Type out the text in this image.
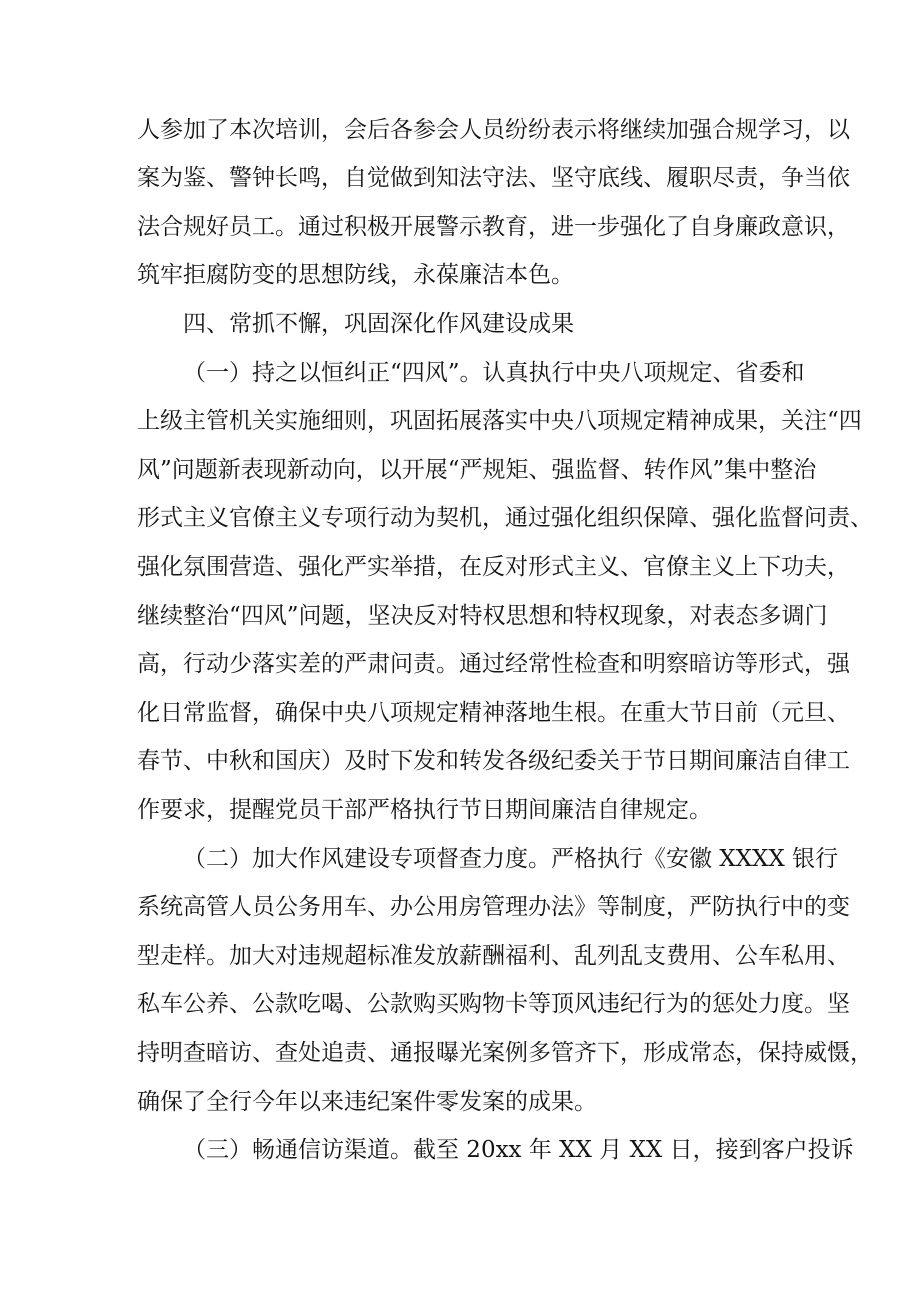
人参加了本次培训，会后各参会人员纷纷表示将继续加强合规学习，以
案为鉴、警钟长鸣，自觉做到知法守法、坚守底线、履职尽责，争当依
法合规好员工。通过积极开展警示教育，进一步强化了自身廉政意识，
筑牢拒腐防变的思想防线，永葆廉洁本色。
四、常抓不懈，巩固深化作风建设成果
（一）持之以恒纠正“四风”。认真执行中央八项规定、省委和
上级主管机关实施细则，巩固拓展落实中央八项规定精神成果，关注“四
风”问题新表现新动向，以开展“严规矩、强监督、转作风”集中整治
形式主义官僚主义专项行动为契机，通过强化组织保障、强化监督问责、
强化氛围营造、强化严实举措，在反对形式主义、官僚主义上下功夫，
继续整治“四风”问题，坚决反对特权思想和特权现象，对表态多调门
高，行动少落实差的严肃问责。通过经常性检查和明察暗访等形式，强
化日常监督，确保中央八项规定精神落地生根。在重大节日前（元旦、
春节、中秋和国庆）及时下发和转发各级纪委关于节日期间廉洁自律工
作要求，提醒党员干部严格执行节日期间廉洁自律规定。
（二）加大作风建设专项督查力度。严格执行《安徽 XXXX 银行
系统高管人员公务用车、办公用房管理办法》等制度，严防执行中的变
型走样。加大对违规超标准发放薪酬福利、乱列乱支费用、公车私用、
私车公养、公款吃喝、公款购买购物卡等顶风违纪行为的惩处力度。坚
持明查暗访、查处追责、通报曝光案例多管齐下，形成常态，保持威慑，
确保了全行今年以来违纪案件零发案的成果。
（三）畅通信访渠道。截至 20xx 年 XX 月 XX 日，接到客户投诉
